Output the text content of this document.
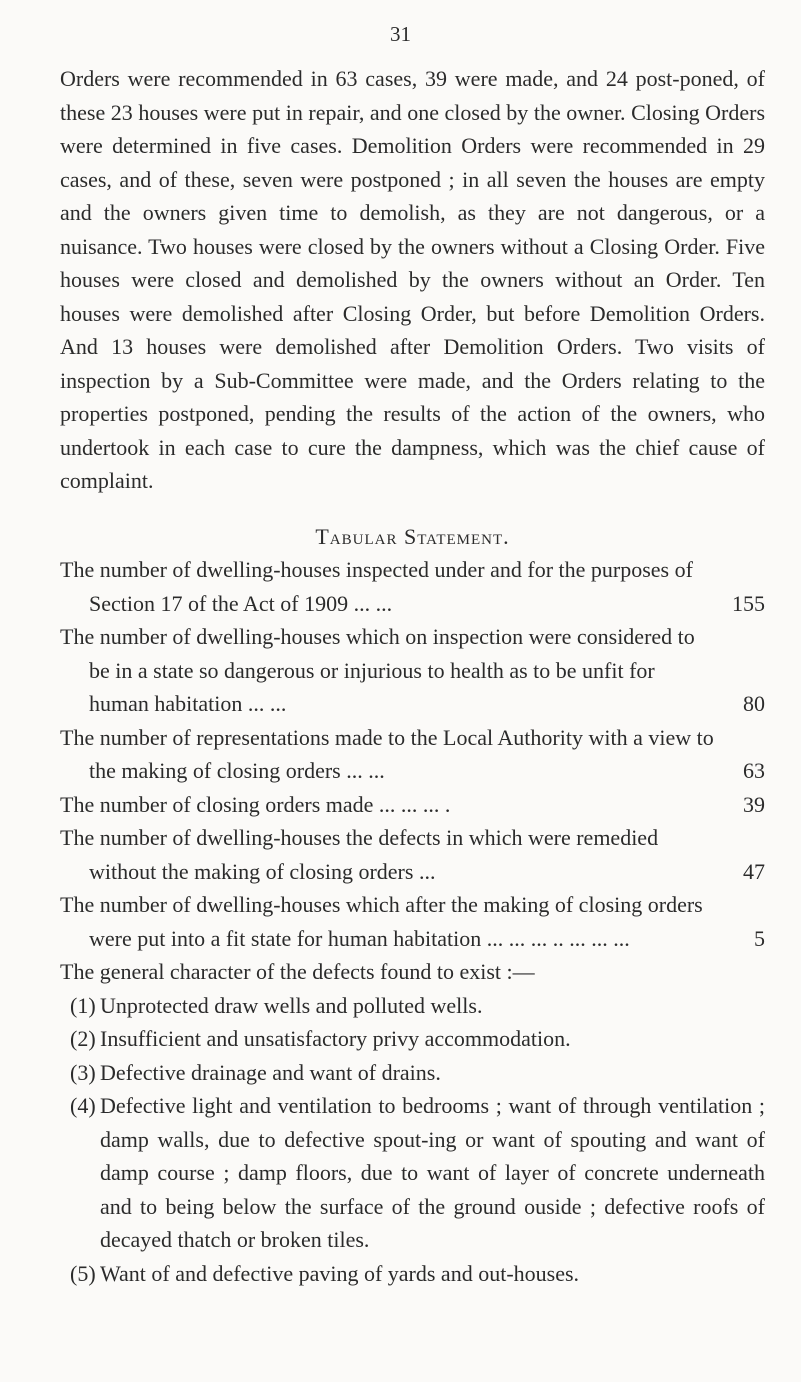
31

Orders were recommended in 63 cases, 39 were made, and 24 post-poned, of these 23 houses were put in repair, and one closed by the owner. Closing Orders were determined in five cases. Demolition Orders were recommended in 29 cases, and of these, seven were postponed ; in all seven the houses are empty and the owners given time to demolish, as they are not dangerous, or a nuisance. Two houses were closed by the owners without a Closing Order. Five houses were closed and demolished by the owners without an Order. Ten houses were demolished after Closing Order, but before Demolition Orders. And 13 houses were demolished after Demolition Orders. Two visits of inspection by a Sub-Committee were made, and the Orders relating to the properties postponed, pending the results of the action of the owners, who undertook in each case to cure the dampness, which was the chief cause of complaint.

Tabular Statement.
The number of dwelling-houses inspected under and for the purposes of Section 17 of the Act of 1909 ... ...	155
The number of dwelling-houses which on inspection were considered to be in a state so dangerous or injurious to health as to be unfit for human habitation ... ...	80
The number of representations made to the Local Authority with a view to the making of closing orders ... ...	63
The number of closing orders made ... ... ... .	39
The number of dwelling-houses the defects in which were remedied without the making of closing orders ...	47
The number of dwelling-houses which after the making of closing orders were put into a fit state for human habitation ... ... ... .. ... ... ...	5
The general character of the defects found to exist :—
(1) Unprotected draw wells and polluted wells.
(2) Insufficient and unsatisfactory privy accommodation.
(3) Defective drainage and want of drains.
(4) Defective light and ventilation to bedrooms ; want of through ventilation ; damp walls, due to defective spout-ing or want of spouting and want of damp course ; damp floors, due to want of layer of concrete underneath and to being below the surface of the ground ouside ; defective roofs of decayed thatch or broken tiles.
(5) Want of and defective paving of yards and out-houses.
